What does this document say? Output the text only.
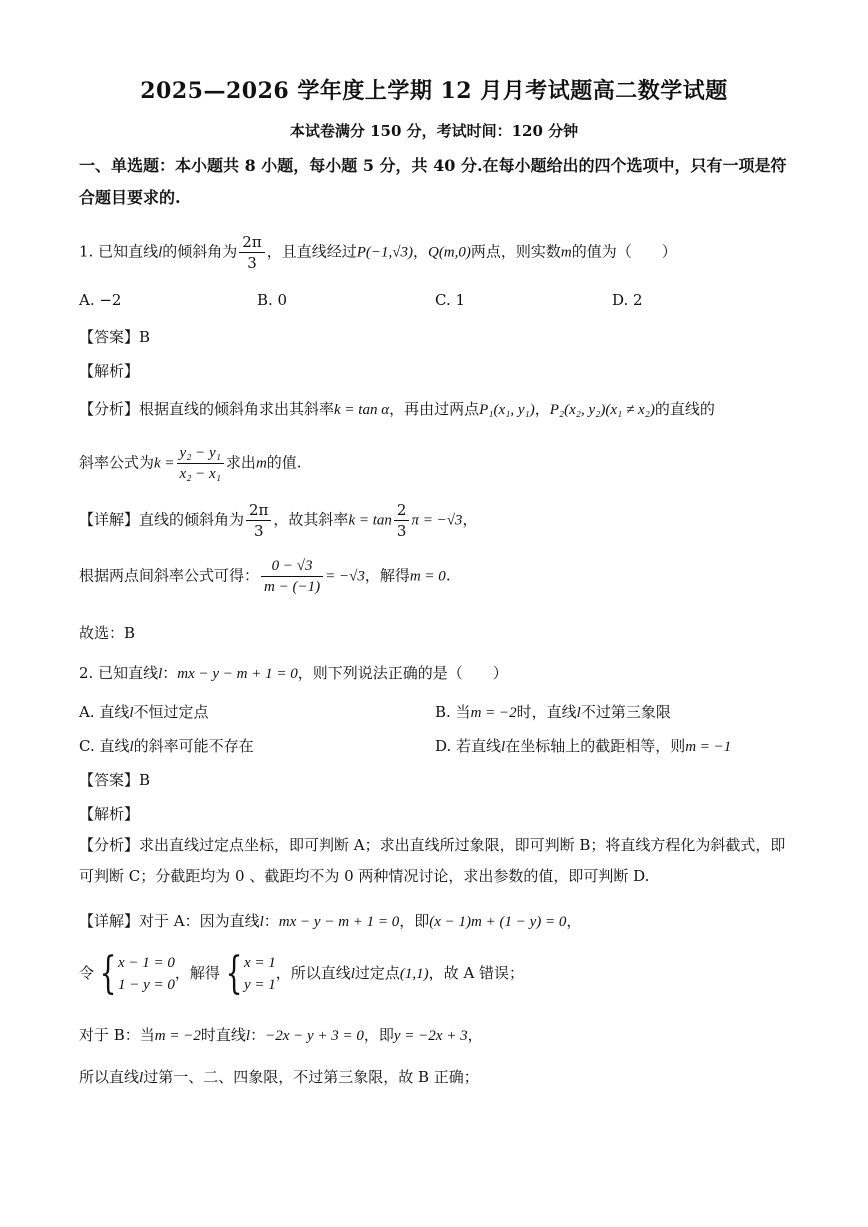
2025—2026 学年度上学期 12 月月考试题高二数学试题
本试卷满分 150 分，考试时间：120 分钟
一、单选题：本小题共 8 小题，每小题 5 分，共 40 分.在每小题给出的四个选项中，只有一项是符合题目要求的.
1. 已知直线l的倾斜角为 $\frac{2\pi}{3}$ ，且直线经过P(−1,√3)，Q(m,0)两点，则实数m的值为（　　）
A. −2	B. 0	C. 1	D. 2
【答案】B
【解析】
【分析】根据直线的倾斜角求出其斜率k = tan α，再由过两点P₁(x₁, y₁)，P₂(x₂, y₂)(x₁ ≠ x₂)的直线的
斜率公式为$k = \frac{\text{y₂ − y₁}}{\text{x₂ − x₁}}$ 求出m的值.
【详解】直线的倾斜角为 $\frac{2\pi}{3}$ ，故其斜率$k = \tan \frac{2}{3}$ π = −√3，
根据两点间斜率公式可得： $\frac{0 - √3}{m - (-1)} = -√3$，解得m = 0.
故选：B
2. 已知直线l：mx − y − m + 1 = 0，则下列说法正确的是（　　）
A. 直线l不恒过定点	B. 当m = −2时，直线l不过第三象限
C. 直线l的斜率可能不存在	D. 若直线l在坐标轴上的截距相等，则m = −1
【答案】B
【解析】
【分析】求出直线过定点坐标，即可判断 A；求出直线所过象限，即可判断 B；将直线方程化为斜截式，即可判断 C；分截距均为 0 、截距均不为 0 两种情况讨论，求出参数的值，即可判断 D.
【详解】对于 A：因为直线l：mx − y − m + 1 = 0，即(x − 1)m + (1 − y) = 0，
令 { x − 1 = 0
1 − y = 0
，解得 { x = 1
y = 1
，所以直线l过定点(1,1)，故 A 错误；
对于 B：当m = −2时直线l：−2x − y + 3 = 0，即y = −2x + 3，
所以直线l过第一、二、四象限，不过第三象限，故 B 正确；
